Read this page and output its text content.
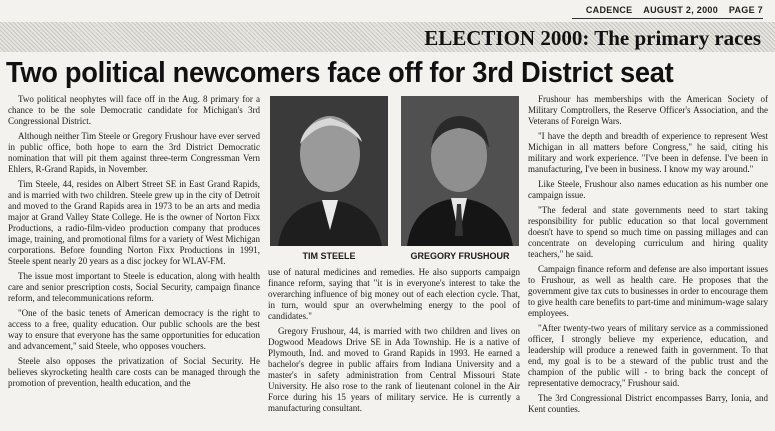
CADENCE AUGUST 2, 2000 PAGE 7
ELECTION 2000: The primary races
Two political newcomers face off for 3rd District seat

Two political neophytes will face off in the Aug. 8 primary for a chance to be the sole Democratic candidate for Michigan's 3rd Congressional District.

Although neither Tim Steele or Gregory Frushour have ever served in public office, both hope to earn the 3rd District Democratic nomination that will pit them against three-term Congressman Vern Ehlers, R-Grand Rapids, in November.

Tim Steele, 44, resides on Albert Street SE in East Grand Rapids, and is married with two children. Steele grew up in the city of Detroit and moved to the Grand Rapids area in 1973 to be an arts and media major at Grand Valley State College. He is the owner of Norton Fixx Productions, a radio-film-video production company that produces image, training, and promotional films for a variety of West Michigan corporations. Before founding Norton Fixx Productions in 1991, Steele spent nearly 20 years as a disc jockey for WLAV-FM.

The issue most important to Steele is education, along with health care and senior prescription costs, Social Security, campaign finance reform, and telecommunications reform.

"One of the basic tenets of American democracy is the right to access to a free, quality education. Our public schools are the best way to ensure that everyone has the same opportunities for education and advancement," said Steele, who opposes vouchers.

Steele also opposes the privatization of Social Security. He believes skyrocketing health care costs can be managed through the promotion of prevention, health education, and the

TIM STEELE	GREGORY FRUSHOUR

use of natural medicines and remedies. He also supports campaign finance reform, saying that "it is in everyone's interest to take the overarching influence of big money out of each election cycle. That, in turn, would spur an overwhelming energy to the pool of candidates."

Gregory Frushour, 44, is married with two children and lives on Dogwood Meadows Drive SE in Ada Township. He is a native of Plymouth, Ind. and moved to Grand Rapids in 1993. He earned a bachelor's degree in public affairs from Indiana University and a master's in safety administration from Central Missouri State University. He also rose to the rank of lieutenant colonel in the Air Force during his 15 years of military service. He is currently a manufacturing consultant.

Frushour has memberships with the American Society of Military Comptrollers, the Reserve Officer's Association, and the Veterans of Foreign Wars.

"I have the depth and breadth of experience to represent West Michigan in all matters before Congress," he said, citing his military and work experience. "I've been in defense. I've been in manufacturing, I've been in business. I know my way around."

Like Steele, Frushour also names education as his number one campaign issue.

"The federal and state governments need to start taking responsibility for public education so that local government doesn't have to spend so much time on passing millages and can concentrate on developing curriculum and hiring quality teachers," he said.

Campaign finance reform and defense are also important issues to Frushour, as well as health care. He proposes that the government give tax cuts to businesses in order to encourage them to give health care benefits to part-time and minimum-wage salary employees.

"After twenty-two years of military service as a commissioned officer, I strongly believe my experience, education, and leadership will produce a renewed faith in government. To that end, my goal is to be a steward of the public trust and the champion of the public will - to bring back the concept of representative democracy," Frushour said.

The 3rd Congressional District encompasses Barry, Ionia, and Kent counties.
